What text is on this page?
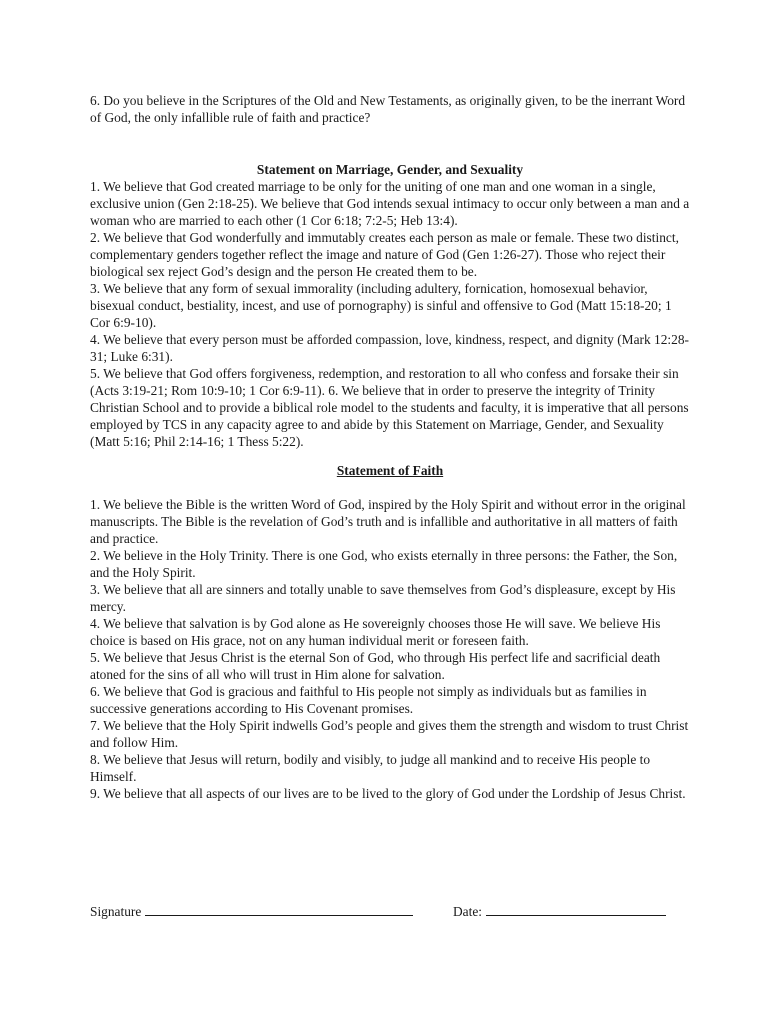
6. Do you believe in the Scriptures of the Old and New Testaments, as originally given, to be the inerrant Word of God, the only infallible rule of faith and practice?

Statement on Marriage, Gender, and Sexuality

1. We believe that God created marriage to be only for the uniting of one man and one woman in a single, exclusive union (Gen 2:18-25). We believe that God intends sexual intimacy to occur only between a man and a woman who are married to each other (1 Cor 6:18; 7:2-5; Heb 13:4).

2. We believe that God wonderfully and immutably creates each person as male or female. These two distinct, complementary genders together reflect the image and nature of God (Gen 1:26-27). Those who reject their biological sex reject God’s design and the person He created them to be.

3. We believe that any form of sexual immorality (including adultery, fornication, homosexual behavior, bisexual conduct, bestiality, incest, and use of pornography) is sinful and offensive to God (Matt 15:18-20; 1 Cor 6:9-10).

4. We believe that every person must be afforded compassion, love, kindness, respect, and dignity (Mark 12:28-31; Luke 6:31).

5. We believe that God offers forgiveness, redemption, and restoration to all who confess and forsake their sin (Acts 3:19-21; Rom 10:9-10; 1 Cor 6:9-11). 6. We believe that in order to preserve the integrity of Trinity Christian School and to provide a biblical role model to the students and faculty, it is imperative that all persons employed by TCS in any capacity agree to and abide by this Statement on Marriage, Gender, and Sexuality (Matt 5:16; Phil 2:14-16; 1 Thess 5:22).

Statement of Faith

1. We believe the Bible is the written Word of God, inspired by the Holy Spirit and without error in the original manuscripts. The Bible is the revelation of God’s truth and is infallible and authoritative in all matters of faith and practice.

2. We believe in the Holy Trinity. There is one God, who exists eternally in three persons: the Father, the Son, and the Holy Spirit.

3. We believe that all are sinners and totally unable to save themselves from God’s displeasure, except by His mercy.

4. We believe that salvation is by God alone as He sovereignly chooses those He will save. We believe His choice is based on His grace, not on any human individual merit or foreseen faith.

5. We believe that Jesus Christ is the eternal Son of God, who through His perfect life and sacrificial death atoned for the sins of all who will trust in Him alone for salvation.

6. We believe that God is gracious and faithful to His people not simply as individuals but as families in successive generations according to His Covenant promises.

7. We believe that the Holy Spirit indwells God’s people and gives them the strength and wisdom to trust Christ and follow Him.

8. We believe that Jesus will return, bodily and visibly, to judge all mankind and to receive His people to Himself.

9. We believe that all aspects of our lives are to be lived to the glory of God under the Lordship of Jesus Christ.

Signature	Date:
